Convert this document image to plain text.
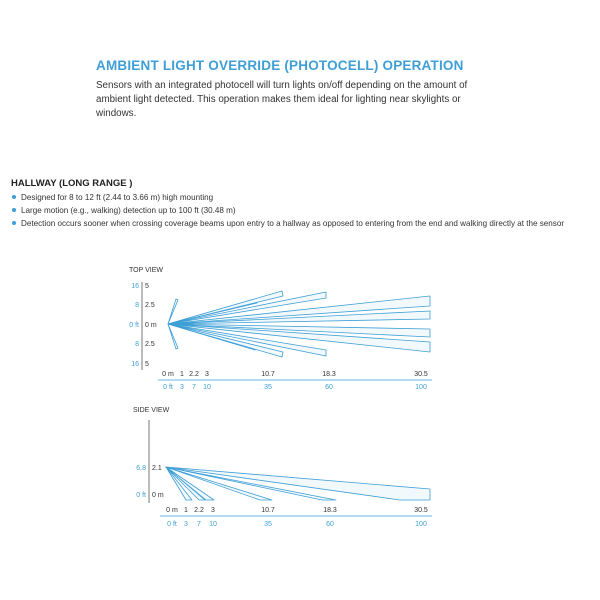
AMBIENT LIGHT OVERRIDE (PHOTOCELL) OPERATION

Sensors with an integrated photocell will turn lights on/off depending on the amount of ambient light detected. This operation makes them ideal for lighting near skylights or windows.

HALLWAY (LONG RANGE )
Designed for 8 to 12 ft (2.44 to 3.66 m) high mounting
Large motion (e.g., walking) detection up to 100 ft (30.48 m)
Detection occurs sooner when crossing coverage beams upon entry to a hallway as opposed to entering from the end and walking directly at the sensor
TOP VIEW
16
8
0 ft
8
16
5
2.5
0 m
2.5
5
0 m 1 2.2 3	10.7	18.3	30.5
0 ft 3 7 10	35	60	100
SIDE VIEW
6.8
0 ft
2.1
0 m
0 m 1 2.2 3	10.7	18.3	30.5
0 ft 3 7 10	35	60	100
